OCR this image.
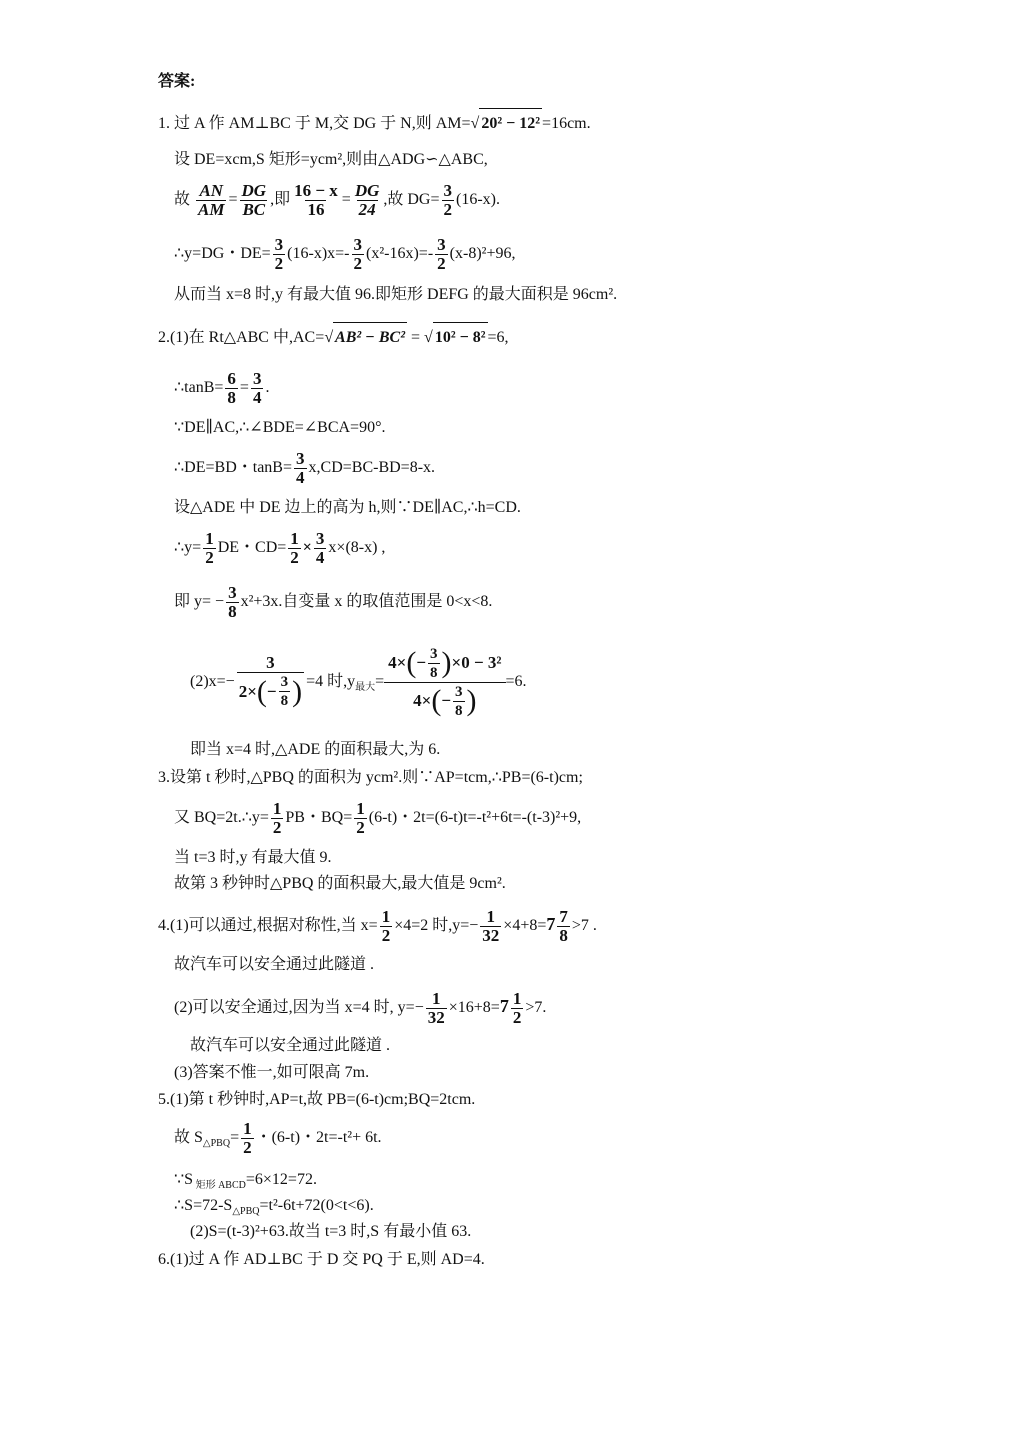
答案:
1. 过 A 作 AM⊥BC 于 M,交 DG 于 N,则 AM=√ 20² − 12² =16cm.
设 DE=xcm,S 矩形=ycm²,则由△ADG∽△ABC,
故 $\frac{AN}{AM} = \frac{DG}{BC}$ ,即 $\frac{16 - x}{16} = \frac{DG}{24}$ ,故 $DG= \frac{3}{2} (16-x)$.
∴y=DG・$DE= \frac{3}{2} (16-x)x=- \frac{3}{2} (x^2-16x)=- \frac{3}{2} (x-8)^2+96$,
从而当 x=8 时,y 有最大值 96.即矩形 DEFG 的最大面积是 96cm².
2.(1)在 Rt△ABC 中,AC=√ AB² − BC² = √ 10² − 8² =6,
∴tanB= $\frac{6}{8} = \frac{3}{4}$ .
∵DE∥AC,∴∠BDE=∠BCA=90°.
∴DE=BD・$\tan B= \frac{3}{4} x,CD=BC-BD=8-x$.
设△ADE 中 DE 边上的高为 h,则∵DE∥AC,∴h=CD.
∴y= $\frac{1}{2}$ DE・$CD= \frac{1}{2} \times \frac{3}{4} x\times(8-x)$ ,
即 $y= - \frac{3}{8} x^2+3x$.自变量 x 的取值范围是 0<x<8.
$(2)x=- \frac{3}{2\times ( - \frac{3}{8} )} =4$ 时$,y_{最大}= \frac{4\times ( - \frac{3}{8} ) \times 0 - 3^2}{4\times ( - \frac{3}{8} )} =6$.
即当 x=4 时,△ADE 的面积最大,为 6.
3.设第 t 秒时,△PBQ 的面积为 ycm².则∵AP=tcm,∴PB=(6-t)cm;
又 BQ=2t.∴y= $\frac{1}{2}$ PB・$BQ= \frac{1}{2} (6-t)$・2t=(6-t)t=-t²+6t=-(t-3)²+9,
当 t=3 时,y 有最大值 9.
故第 3 秒钟时△PBQ 的面积最大,最大值是 9cm².
4.(1)可以通过,根据对称性,当 $x= \frac{1}{2} \times 4=2$ 时$,y=- \frac{1}{32} \times 4+8=7 \frac{7}{8} >7$ .
故汽车可以安全通过此隧道 .
(2)可以安全通过,因为当 x=4 时, $y=- \frac{1}{32} \times 16+8=7 \frac{1}{2} >7$.
故汽车可以安全通过此隧道 .
(3)答案不惟一,如可限高 7m.
5.(1)第 t 秒钟时,AP=t,故 PB=(6-t)cm;BQ=2tcm.
故 $S_{\triangle PBQ}= \frac{1}{2}$ ・(6-t)・2t=-t²+ 6t.
∵S $_{矩形 ABCD}$=6×12=72.
$\therefore S=72-S_{\triangle PBQ}=t^2-6t+72(0<t<6)$.
(2)S=(t-3)²+63.故当 t=3 时,S 有最小值 63.
6.(1)过 A 作 AD⊥BC 于 D 交 PQ 于 E,则 AD=4.
